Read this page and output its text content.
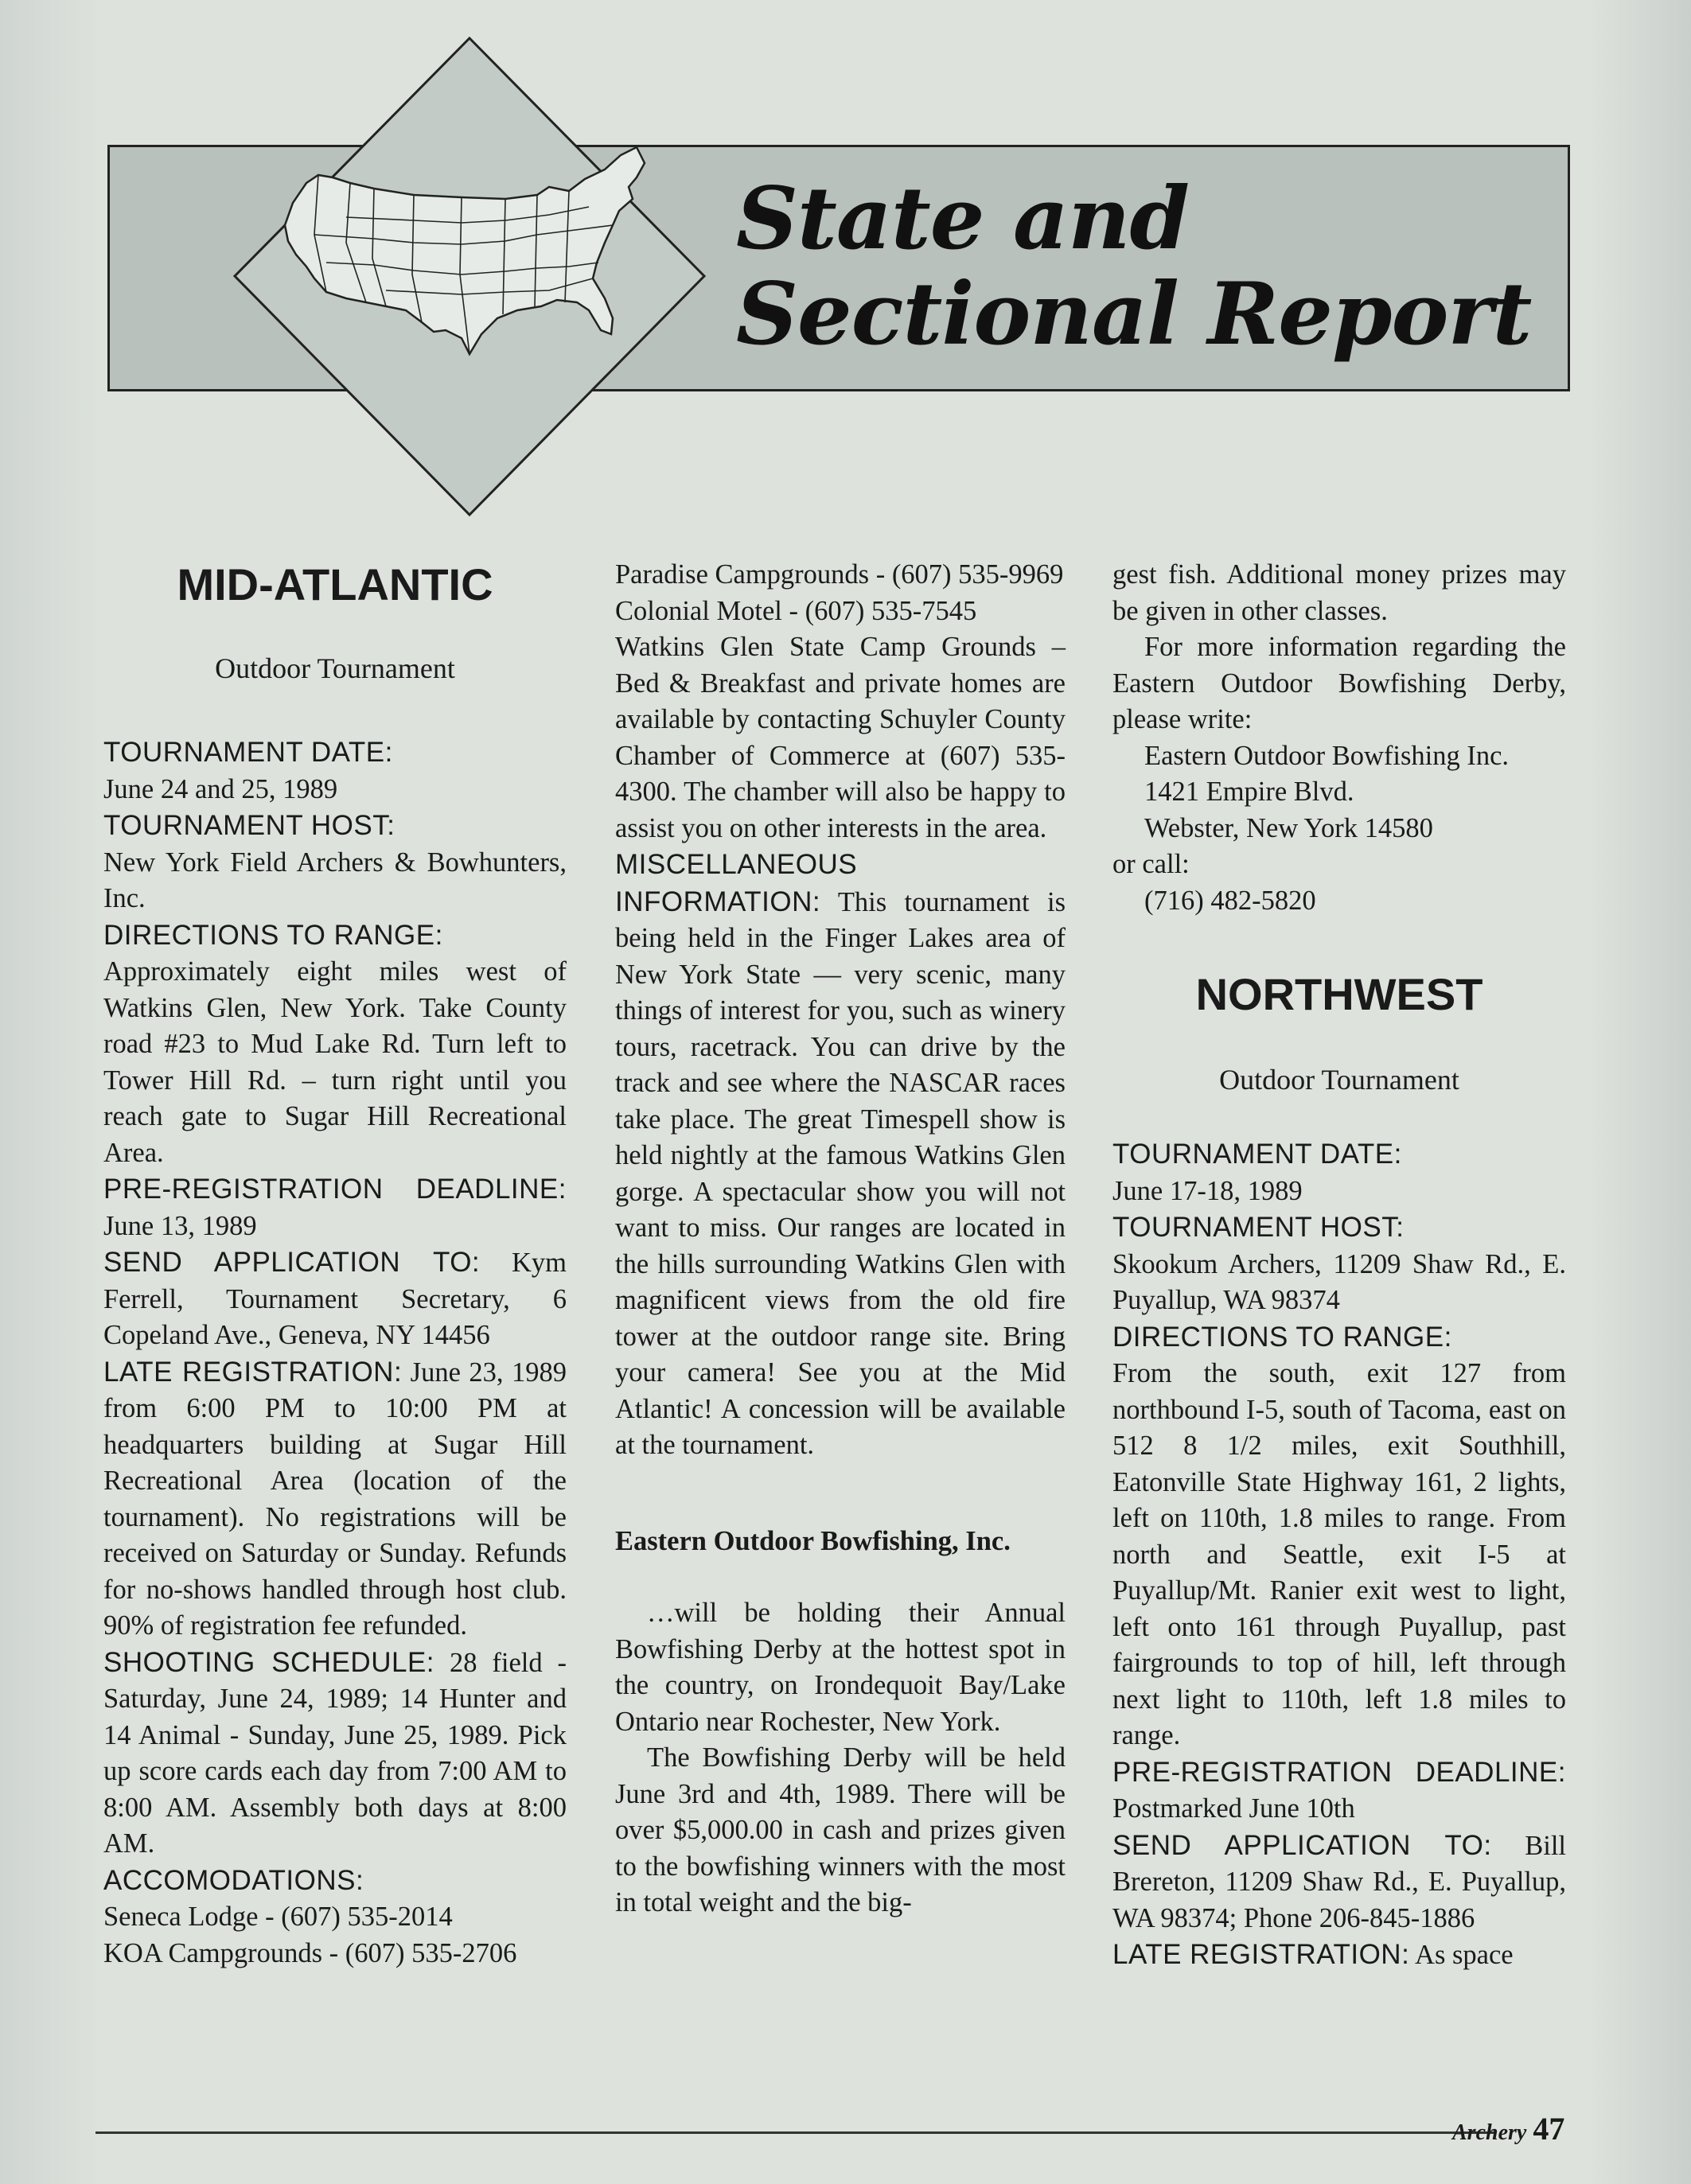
State and
Sectional Report
MID-ATLANTIC

Outdoor Tournament

TOURNAMENT DATE:

June 24 and 25, 1989

TOURNAMENT HOST:

New York Field Archers & Bowhunters, Inc.

DIRECTIONS TO RANGE:

Approximately eight miles west of Watkins Glen, New York. Take County road #23 to Mud Lake Rd. Turn left to Tower Hill Rd. – turn right until you reach gate to Sugar Hill Recreational Area.

PRE-REGISTRATION DEADLINE: June 13, 1989

SEND APPLICATION TO: Kym Ferrell, Tournament Secretary, 6 Copeland Ave., Geneva, NY 14456

LATE REGISTRATION: June 23, 1989 from 6:00 PM to 10:00 PM at headquarters building at Sugar Hill Recreational Area (location of the tournament). No registrations will be received on Saturday or Sunday. Refunds for no-shows handled through host club. 90% of registration fee refunded.

SHOOTING SCHEDULE: 28 field - Saturday, June 24, 1989; 14 Hunter and 14 Animal - Sunday, June 25, 1989. Pick up score cards each day from 7:00 AM to 8:00 AM. Assembly both days at 8:00 AM.

ACCOMODATIONS:

Seneca Lodge - (607) 535-2014

KOA Campgrounds - (607) 535-2706

Paradise Campgrounds - (607) 535-9969

Colonial Motel - (607) 535-7545

Watkins Glen State Camp Grounds – Bed & Breakfast and private homes are available by contacting Schuyler County Chamber of Commerce at (607) 535-4300. The chamber will also be happy to assist you on other interests in the area.

MISCELLANEOUS INFORMATION: This tournament is being held in the Finger Lakes area of New York State — very scenic, many things of interest for you, such as winery tours, racetrack. You can drive by the track and see where the NASCAR races take place. The great Timespell show is held nightly at the famous Watkins Glen gorge. A spectacular show you will not want to miss. Our ranges are located in the hills surrounding Watkins Glen with magnificent views from the old fire tower at the outdoor range site. Bring your camera! See you at the Mid Atlantic! A concession will be available at the tournament.

Eastern Outdoor Bowfishing, Inc.

…will be holding their Annual Bowfishing Derby at the hottest spot in the country, on Irondequoit Bay/Lake Ontario near Rochester, New York.

The Bowfishing Derby will be held June 3rd and 4th, 1989. There will be over $5,000.00 in cash and prizes given to the bowfishing winners with the most in total weight and the big-

gest fish. Additional money prizes may be given in other classes.

For more information regarding the Eastern Outdoor Bowfishing Derby, please write:

Eastern Outdoor Bowfishing Inc.
1421 Empire Blvd.
Webster, New York 14580
or call:
(716) 482-5820
NORTHWEST

Outdoor Tournament

TOURNAMENT DATE:

June 17-18, 1989

TOURNAMENT HOST:

Skookum Archers, 11209 Shaw Rd., E. Puyallup, WA 98374

DIRECTIONS TO RANGE:

From the south, exit 127 from northbound I-5, south of Tacoma, east on 512 8 1/2 miles, exit Southhill, Eatonville State Highway 161, 2 lights, left on 110th, 1.8 miles to range. From north and Seattle, exit I-5 at Puyallup/Mt. Ranier exit west to light, left onto 161 through Puyallup, past fairgrounds to top of hill, left through next light to 110th, left 1.8 miles to range.

PRE-REGISTRATION DEADLINE: Postmarked June 10th

SEND APPLICATION TO: Bill Brereton, 11209 Shaw Rd., E. Puyallup, WA 98374; Phone 206-845-1886

LATE REGISTRATION: As space

Archery 47
